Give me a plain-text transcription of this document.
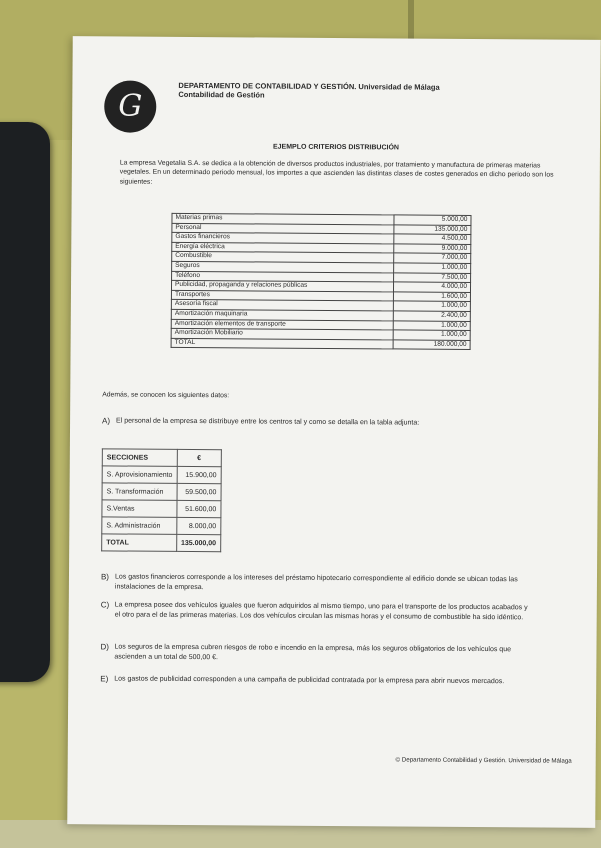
G
DEPARTAMENTO DE CONTABILIDAD Y GESTIÓN. Universidad de Málaga
Contabilidad de Gestión
EJEMPLO CRITERIOS DISTRIBUCIÓN
La empresa Vegetalia S.A. se dedica a la obtención de diversos productos industriales, por tratamiento y manufactura de primeras materias vegetales. En un determinado periodo mensual, los importes a que ascienden las distintas clases de costes generados en dicho periodo son los siguientes:
Materias primas	5.000,00
Personal	135.000,00
Gastos financieros	4.500,00
Energía eléctrica	9.000,00
Combustible	7.000,00
Seguros	1.000,00
Teléfono	7.500,00
Publicidad, propaganda y relaciones públicas	4.000,00
Transportes	1.600,00
Asesoría fiscal	1.000,00
Amortización maquinaria	2.400,00
Amortización elementos de transporte	1.000,00
Amortización Mobiliario	1.000,00
TOTAL	180.000,00
Además, se conocen los siguientes datos:
A) El personal de la empresa se distribuye entre los centros tal y como se detalla en la tabla adjunta:
SECCIONES	€
S. Aprovisionamiento	15.900,00
S. Transformación	59.500,00
S.Ventas	51.600,00
S. Administración	8.000,00
TOTAL	135.000,00
B) Los gastos financieros corresponde a los intereses del préstamo hipotecario correspondiente al edificio donde se ubican todas las instalaciones de la empresa.
C) La empresa posee dos vehículos iguales que fueron adquiridos al mismo tiempo, uno para el transporte de los productos acabados y el otro para el de las primeras materias. Los dos vehículos circulan las mismas horas y el consumo de combustible ha sido idéntico.
D) Los seguros de la empresa cubren riesgos de robo e incendio en la empresa, más los seguros obligatorios de los vehículos que ascienden a un total de 500,00 €.
E) Los gastos de publicidad corresponden a una campaña de publicidad contratada por la empresa para abrir nuevos mercados.
© Departamento Contabilidad y Gestión. Universidad de Málaga
